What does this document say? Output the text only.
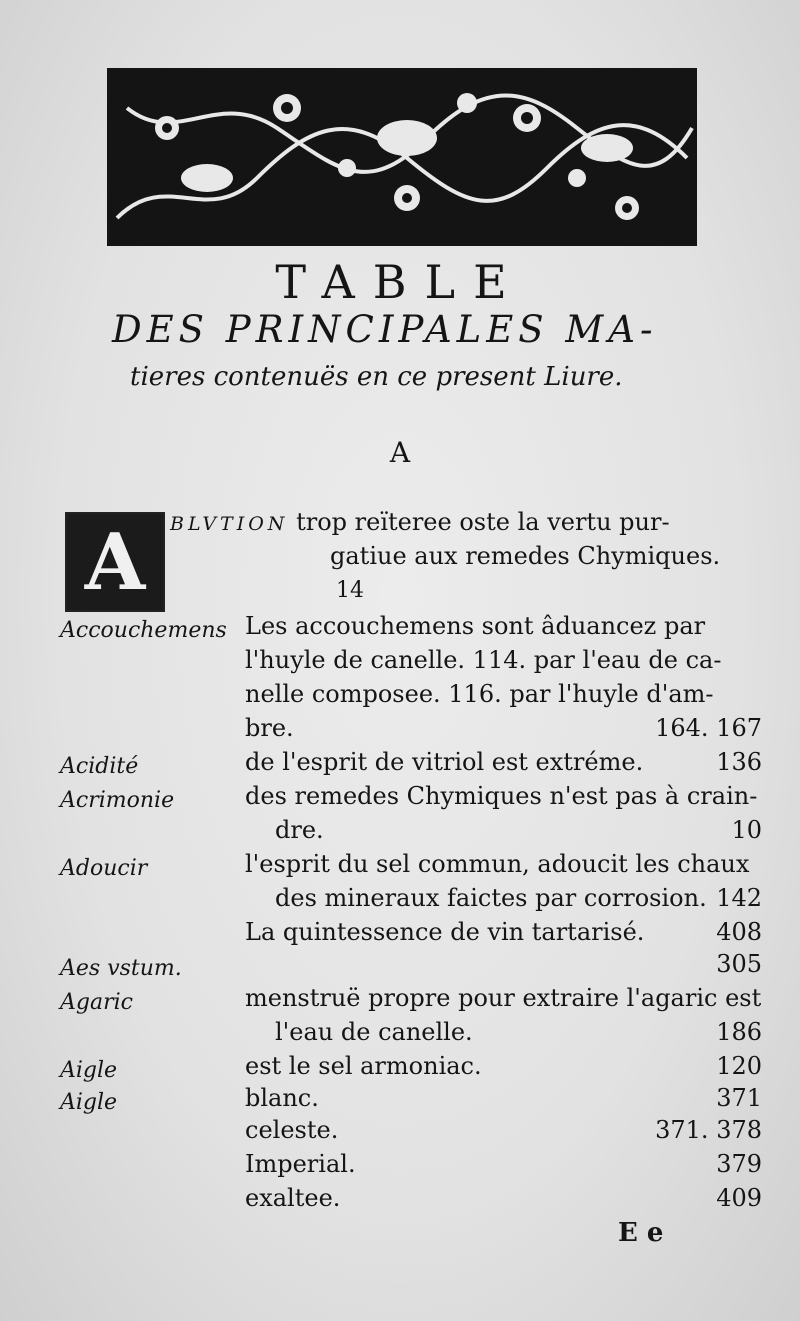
TABLE
DES PRINCIPALES MA-
tieres contenuës en ce present Liure.
A
A	BLVTION trop reïteree oste la vertu pur-
gatiue aux remedes Chymiques.
14
Accouchemens Les accouchemens sont âduancez par
l'huyle de canelle. 114. par l'eau de ca-
nelle composee. 116. par l'huyle d'am-
bre.	164. 167
Acidité	de l'esprit de vitriol est extréme.	136
Acrimonie	des remedes Chymiques n'est pas à crain-
dre.	10
Adoucir	l'esprit du sel commun, adoucit les chaux
des mineraux faictes par corrosion. 142
La quintessence de vin tartarisé.	408
Aes vstum.	305
Agaric	menstruë propre pour extraire l'agaric est
l'eau de canelle.	186
Aigle	est le sel armoniac.	120
Aigle	blanc.	371
celeste.	371. 378
Imperial.	379
exaltee.	409
E e
